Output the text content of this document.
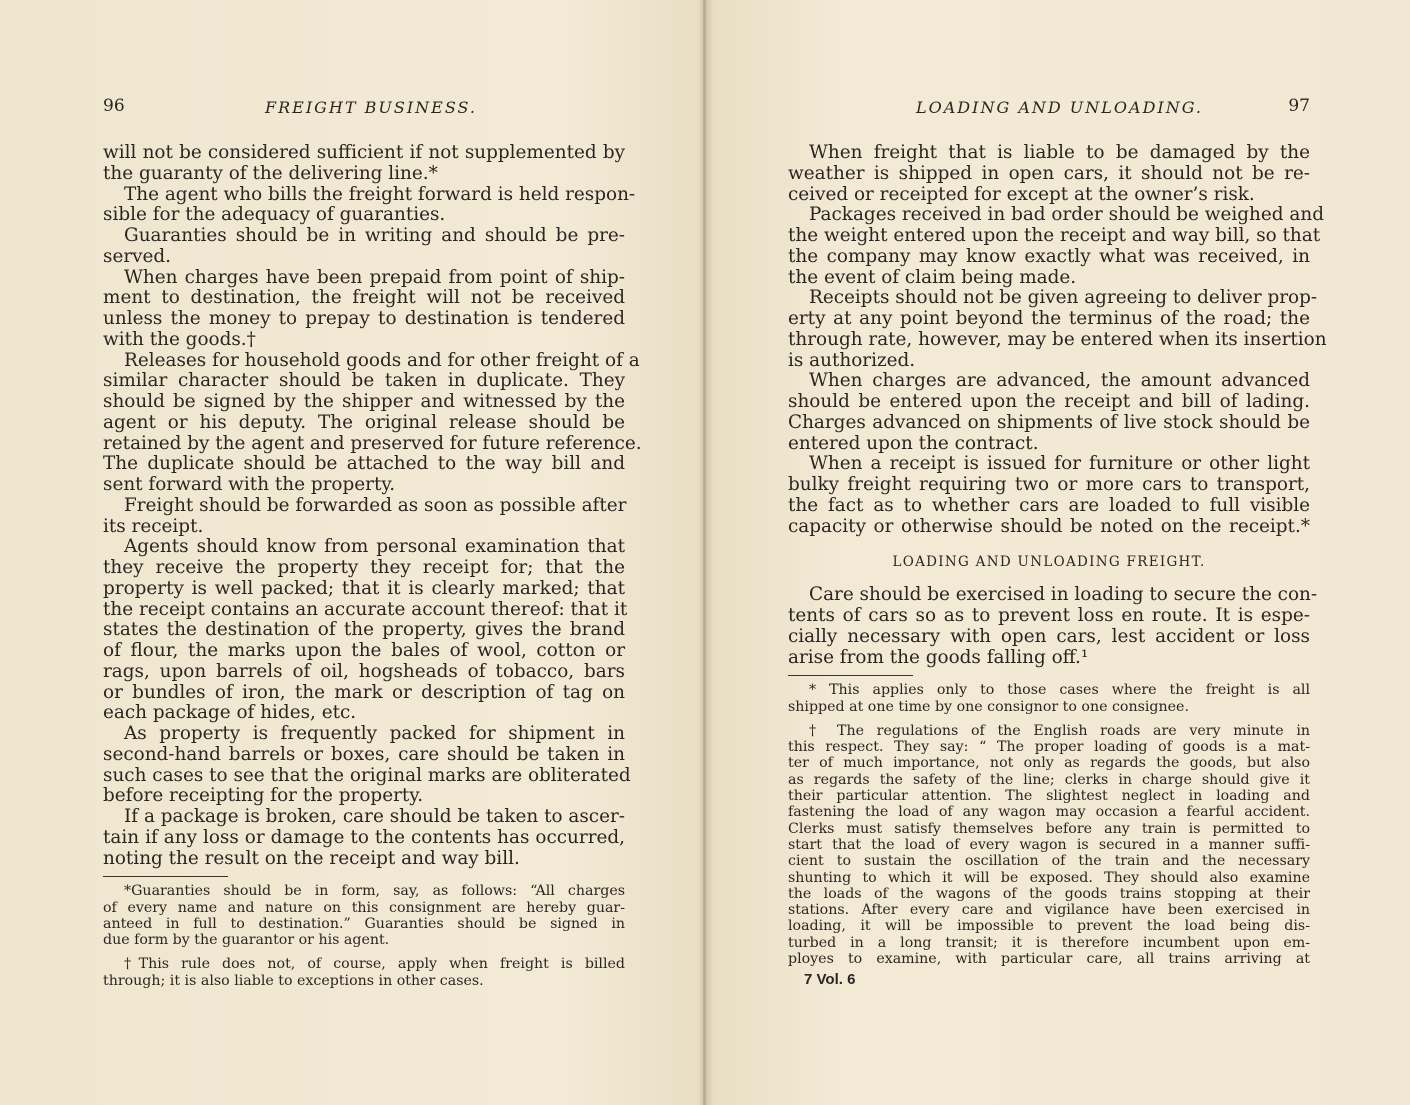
96	FREIGHT BUSINESS.
will not be considered sufficient if not supplemented by
the guaranty of the delivering line.*
The agent who bills the freight forward is held respon-
sible for the adequacy of guaranties.
Guaranties should be in writing and should be pre-
served.
When charges have been prepaid from point of ship-
ment to destination, the freight will not be received
unless the money to prepay to destination is tendered
with the goods.†
Releases for household goods and for other freight of a
similar character should be taken in duplicate. They
should be signed by the shipper and witnessed by the
agent or his deputy. The original release should be
retained by the agent and preserved for future reference.
The duplicate should be attached to the way bill and
sent forward with the property.
Freight should be forwarded as soon as possible after
its receipt.
Agents should know from personal examination that
they receive the property they receipt for; that the
property is well packed; that it is clearly marked; that
the receipt contains an accurate account thereof: that it
states the destination of the property, gives the brand
of flour, the marks upon the bales of wool, cotton or
rags, upon barrels of oil, hogsheads of tobacco, bars
or bundles of iron, the mark or description of tag on
each package of hides, etc.
As property is frequently packed for shipment in
second-hand barrels or boxes, care should be taken in
such cases to see that the original marks are obliterated
before receipting for the property.
If a package is broken, care should be taken to ascer-
tain if any loss or damage to the contents has occurred,
noting the result on the receipt and way bill.
*Guaranties should be in form, say, as follows: “All charges
of every name and nature on this consignment are hereby guar-
anteed in full to destination.” Guaranties should be signed in
due form by the guarantor or his agent.
†This rule does not, of course, apply when freight is billed
through; it is also liable to exceptions in other cases.
LOADING AND UNLOADING.	97
When freight that is liable to be damaged by the
weather is shipped in open cars, it should not be re-
ceived or receipted for except at the owner’s risk.
Packages received in bad order should be weighed and
the weight entered upon the receipt and way bill, so that
the company may know exactly what was received, in
the event of claim being made.
Receipts should not be given agreeing to deliver prop-
erty at any point beyond the terminus of the road; the
through rate, however, may be entered when its insertion
is authorized.
When charges are advanced, the amount advanced
should be entered upon the receipt and bill of lading.
Charges advanced on shipments of live stock should be
entered upon the contract.
When a receipt is issued for furniture or other light
bulky freight requiring two or more cars to transport,
the fact as to whether cars are loaded to full visible
capacity or otherwise should be noted on the receipt.*
LOADING AND UNLOADING FREIGHT.
Care should be exercised in loading to secure the con-
tents of cars so as to prevent loss en route. It is espe-
cially necessary with open cars, lest accident or loss
arise from the goods falling off.¹
* This applies only to those cases where the freight is all
shipped at one time by one consignor to one consignee.
† The regulations of the English roads are very minute in
this respect. They say: “ The proper loading of goods is a mat-
ter of much importance, not only as regards the goods, but also
as regards the safety of the line; clerks in charge should give it
their particular attention. The slightest neglect in loading and
fastening the load of any wagon may occasion a fearful accident.
Clerks must satisfy themselves before any train is permitted to
start that the load of every wagon is secured in a manner suffi-
cient to sustain the oscillation of the train and the necessary
shunting to which it will be exposed. They should also examine
the loads of the wagons of the goods trains stopping at their
stations. After every care and vigilance have been exercised in
loading, it will be impossible to prevent the load being dis-
turbed in a long transit; it is therefore incumbent upon em-
ployes to examine, with particular care, all trains arriving at
7 Vol. 6
